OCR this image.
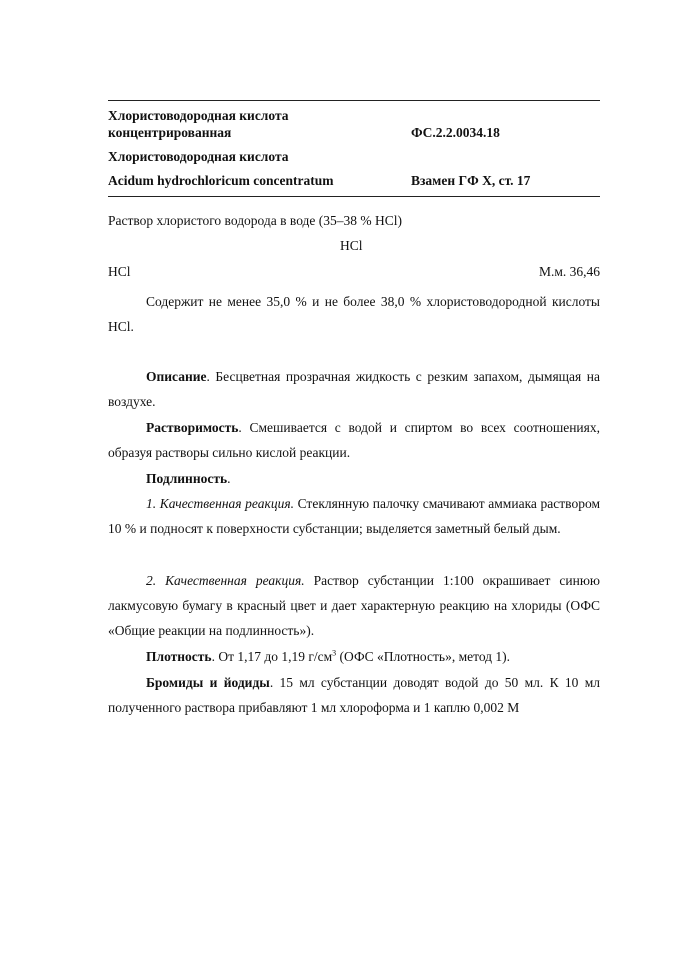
Хлористоводородная кислота
концентрированная	ФС.2.2.0034.18
Хлористоводородная кислота
Acidum hydrochloricum concentratum	Взамен ГФ X, ст. 17
Раствор хлористого водорода в воде (35–38 % HCl)
HCl
HCl	М.м. 36,46
Содержит не менее 35,0 % и не более 38,0 % хлористоводородной кислоты HCl.
Описание. Бесцветная прозрачная жидкость с резким запахом, дымящая на воздухе.
Растворимость. Смешивается с водой и спиртом во всех соотношениях, образуя растворы сильно кислой реакции.
Подлинность.
1. Качественная реакция. Стеклянную палочку смачивают аммиака раствором 10 % и подносят к поверхности субстанции; выделяется заметный белый дым.
2. Качественная реакция. Раствор субстанции 1:100 окрашивает синюю лакмусовую бумагу в красный цвет и дает характерную реакцию на хлориды (ОФС «Общие реакции на подлинность»).
Плотность. От 1,17 до 1,19 $г/см^3$ (ОФС «Плотность», метод 1).
Бромиды и йодиды. 15 мл субстанции доводят водой до 50 мл. К 10 мл полученного раствора прибавляют 1 мл хлороформа и 1 каплю 0,002 М
